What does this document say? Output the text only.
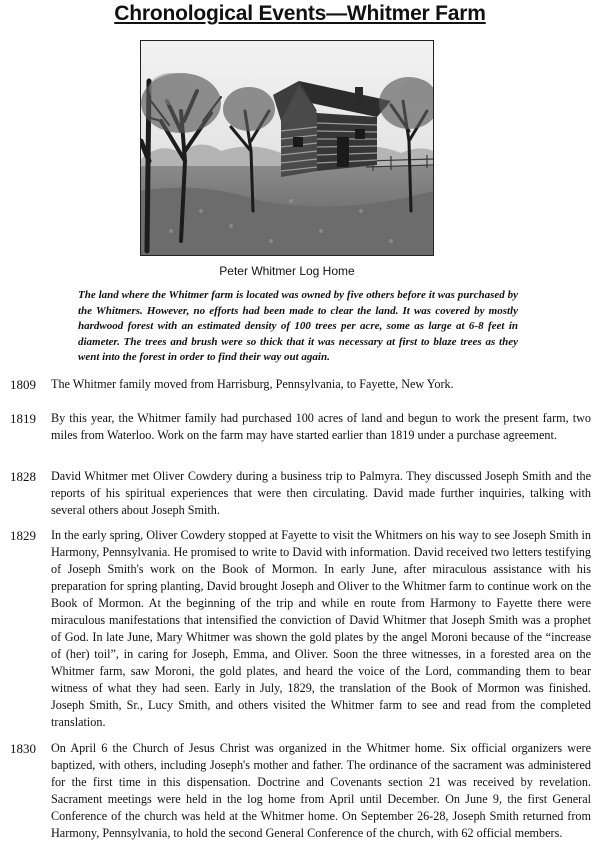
Chronological Events—Whitmer Farm
Peter Whitmer Log Home
The land where the Whitmer farm is located was owned by five others before it was purchased by the Whitmers. However, no efforts had been made to clear the land. It was covered by mostly hardwood forest with an estimated density of 100 trees per acre, some as large at 6-8 feet in diameter. The trees and brush were so thick that it was necessary at first to blaze trees as they went into the forest in order to find their way out again.
1809 The Whitmer family moved from Harrisburg, Pennsylvania, to Fayette, New York.
1819 By this year, the Whitmer family had purchased 100 acres of land and begun to work the present farm, two miles from Waterloo. Work on the farm may have started earlier than 1819 under a purchase agreement.
1828 David Whitmer met Oliver Cowdery during a business trip to Palmyra. They discussed Joseph Smith and the reports of his spiritual experiences that were then circulating. David made further inquiries, talking with several others about Joseph Smith.
1829 In the early spring, Oliver Cowdery stopped at Fayette to visit the Whitmers on his way to see Joseph Smith in Harmony, Pennsylvania. He promised to write to David with information. David received two letters testifying of Joseph Smith's work on the Book of Mormon. In early June, after miraculous assistance with his preparation for spring planting, David brought Joseph and Oliver to the Whitmer farm to continue work on the Book of Mormon. At the beginning of the trip and while en route from Harmony to Fayette there were miraculous manifestations that intensified the conviction of David Whitmer that Joseph Smith was a prophet of God. In late June, Mary Whitmer was shown the gold plates by the angel Moroni because of the “increase of (her) toil”, in caring for Joseph, Emma, and Oliver. Soon the three witnesses, in a forested area on the Whitmer farm, saw Moroni, the gold plates, and heard the voice of the Lord, commanding them to bear witness of what they had seen. Early in July, 1829, the translation of the Book of Mormon was finished. Joseph Smith, Sr., Lucy Smith, and others visited the Whitmer farm to see and read from the completed translation.
1830 On April 6 the Church of Jesus Christ was organized in the Whitmer home. Six official organizers were baptized, with others, including Joseph's mother and father. The ordinance of the sacrament was administered for the first time in this dispensation. Doctrine and Covenants section 21 was received by revelation. Sacrament meetings were held in the log home from April until December. On June 9, the first General Conference of the church was held at the Whitmer home. On September 26-28, Joseph Smith returned from Harmony, Pennsylvania, to hold the second General Conference of the church, with 62 official members.
